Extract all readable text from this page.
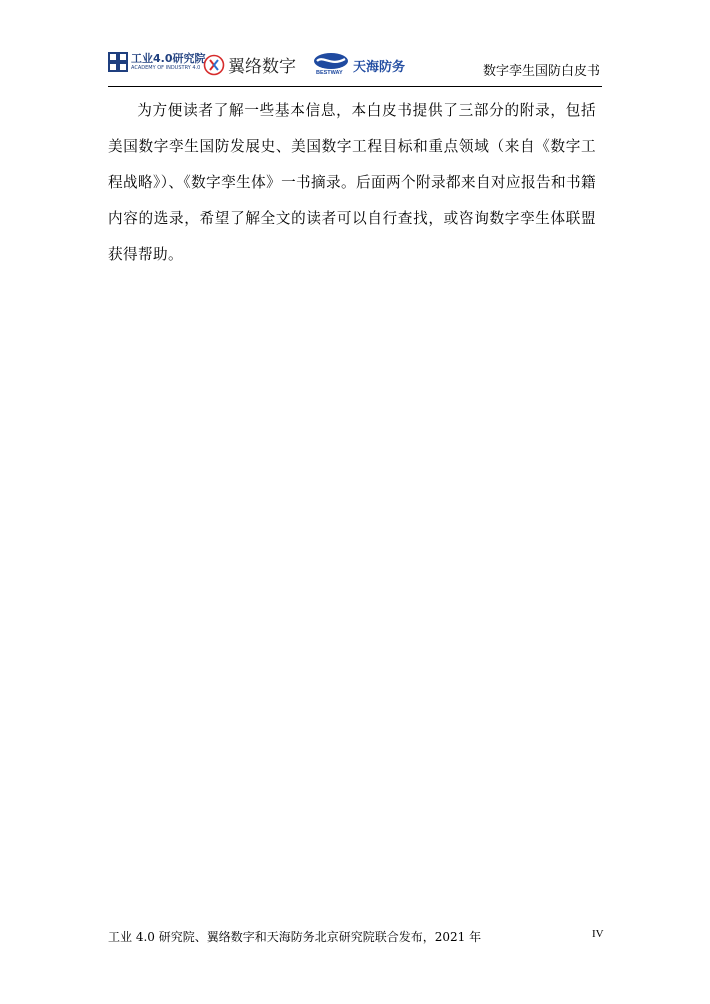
工业4.0研究院
ACADEMY OF INDUSTRY 4.0	翼络数字	BESTWAY 天海防务	数字孪生国防白皮书

为方便读者了解一些基本信息，本白皮书提供了三部分的附录，包括美国数字孪生国防发展史、美国数字工程目标和重点领域（来自《数字工程战略》）、《数字孪生体》一书摘录。后面两个附录都来自对应报告和书籍内容的选录，希望了解全文的读者可以自行查找，或咨询数字孪生体联盟获得帮助。

工业 4.0 研究院、翼络数字和天海防务北京研究院联合发布，2021 年	IV
